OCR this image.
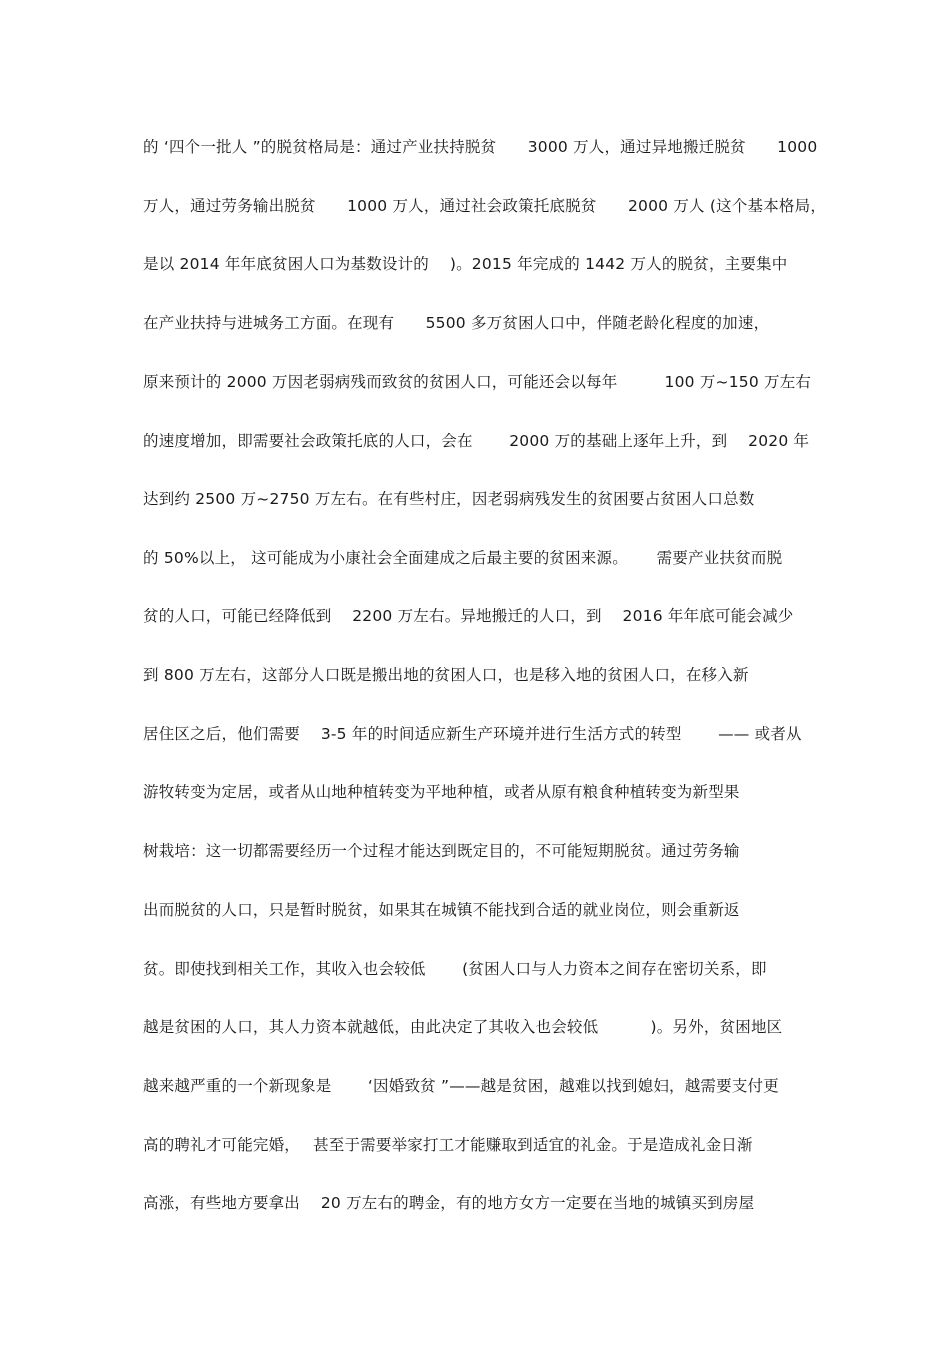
的 ‘四个一批人 ”的脱贫格局是：通过产业扶持脱贫　　3000 万人，通过异地搬迁脱贫　　1000
万人，通过劳务输出脱贫　　1000 万人，通过社会政策托底脱贫　　2000 万人 (这个基本格局，
是以 2014 年年底贫困人口为基数设计的　 )。2015 年完成的 1442 万人的脱贫，主要集中
在产业扶持与进城务工方面。在现有　　5500 多万贫困人口中，伴随老龄化程度的加速，
原来预计的 2000 万因老弱病残而致贫的贫困人口，可能还会以每年　　　100 万~150 万左右
的速度增加，即需要社会政策托底的人口，会在　　 2000 万的基础上逐年上升，到　 2020 年
达到约 2500 万~2750 万左右。在有些村庄，因老弱病残发生的贫困要占贫困人口总数
的 50%以上， 这可能成为小康社会全面建成之后最主要的贫困来源。　　 需要产业扶贫而脱
贫的人口，可能已经降低到　 2200 万左右。异地搬迁的人口，到　 2016 年年底可能会减少
到 800 万左右，这部分人口既是搬出地的贫困人口，也是移入地的贫困人口，在移入新
居住区之后，他们需要　 3-5 年的时间适应新生产环境并进行生活方式的转型　　 —— 或者从
游牧转变为定居，或者从山地种植转变为平地种植，或者从原有粮食种植转变为新型果
树栽培：这一切都需要经历一个过程才能达到既定目的，不可能短期脱贫。通过劳务输
出而脱贫的人口，只是暂时脱贫，如果其在城镇不能找到合适的就业岗位，则会重新返
贫。即使找到相关工作，其收入也会较低　　 (贫困人口与人力资本之间存在密切关系，即
越是贫困的人口，其人力资本就越低，由此决定了其收入也会较低　　　 )。另外，贫困地区
越来越严重的一个新现象是　　 ‘因婚致贫 ”——越是贫困，越难以找到媳妇，越需要支付更
高的聘礼才可能完婚，　 甚至于需要举家打工才能赚取到适宜的礼金。于是造成礼金日渐
高涨，有些地方要拿出　 20 万左右的聘金，有的地方女方一定要在当地的城镇买到房屋
